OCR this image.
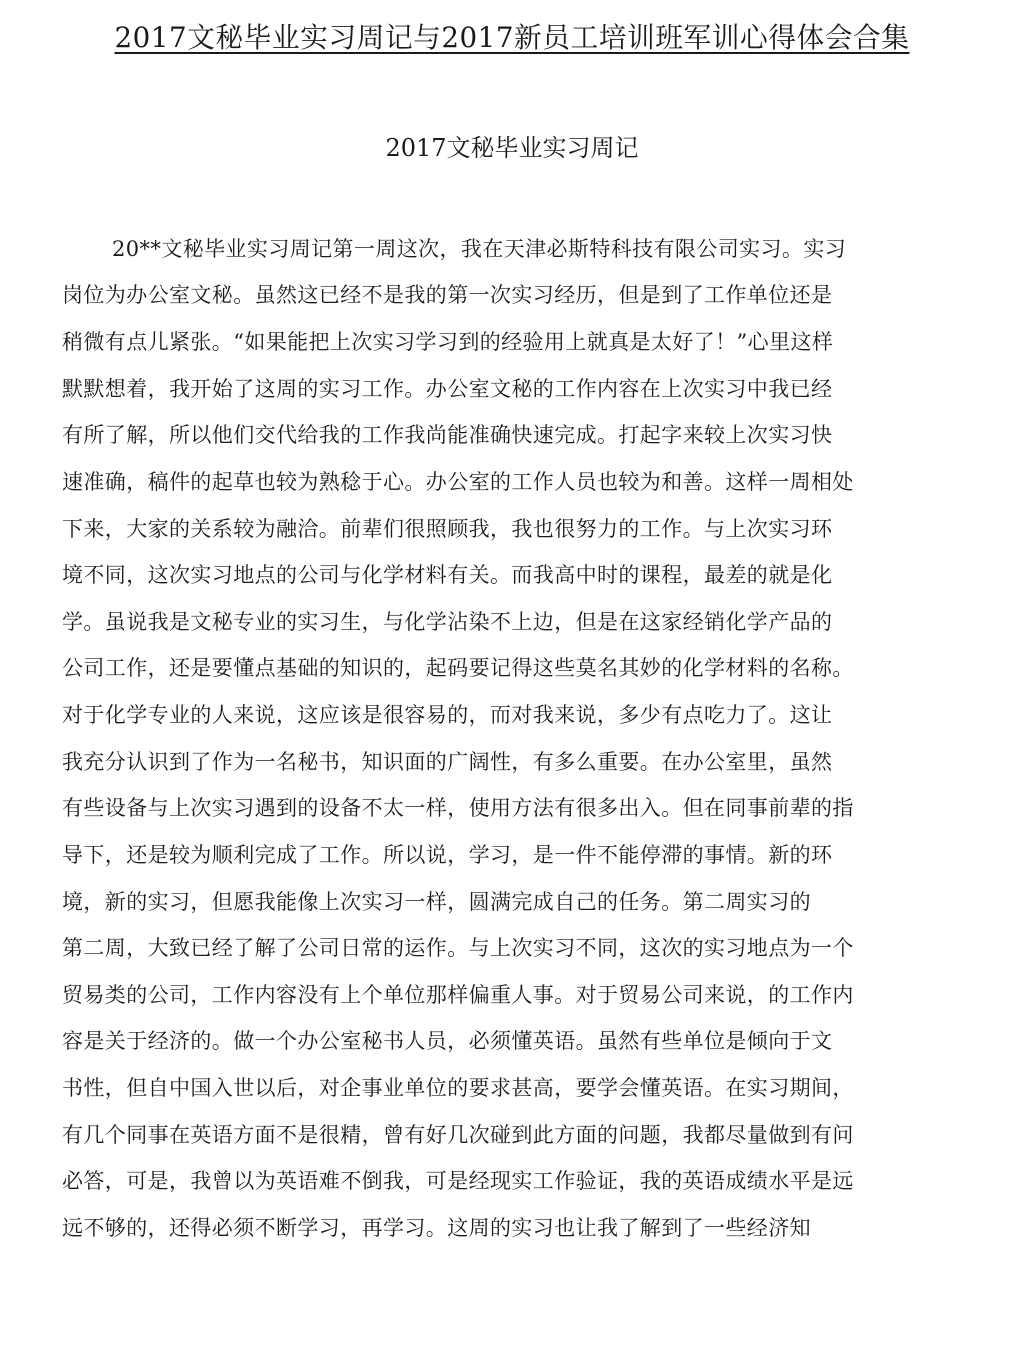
2017文秘毕业实习周记与2017新员工培训班军训心得体会合集
2017文秘毕业实习周记
20**文秘毕业实习周记第一周这次，我在天津必斯特科技有限公司实习。实习
岗位为办公室文秘。虽然这已经不是我的第一次实习经历，但是到了工作单位还是
稍微有点儿紧张。“如果能把上次实习学习到的经验用上就真是太好了！”心里这样
默默想着，我开始了这周的实习工作。办公室文秘的工作内容在上次实习中我已经
有所了解，所以他们交代给我的工作我尚能准确快速完成。打起字来较上次实习快
速准确，稿件的起草也较为熟稔于心。办公室的工作人员也较为和善。这样一周相处
下来，大家的关系较为融洽。前辈们很照顾我，我也很努力的工作。与上次实习环
境不同，这次实习地点的公司与化学材料有关。而我高中时的课程，最差的就是化
学。虽说我是文秘专业的实习生，与化学沾染不上边，但是在这家经销化学产品的
公司工作，还是要懂点基础的知识的，起码要记得这些莫名其妙的化学材料的名称。
对于化学专业的人来说，这应该是很容易的，而对我来说，多少有点吃力了。这让
我充分认识到了作为一名秘书，知识面的广阔性，有多么重要。在办公室里，虽然
有些设备与上次实习遇到的设备不太一样，使用方法有很多出入。但在同事前辈的指
导下，还是较为顺利完成了工作。所以说，学习，是一件不能停滞的事情。新的环
境，新的实习，但愿我能像上次实习一样，圆满完成自己的任务。第二周实习的
第二周，大致已经了解了公司日常的运作。与上次实习不同，这次的实习地点为一个
贸易类的公司，工作内容没有上个单位那样偏重人事。对于贸易公司来说，的工作内
容是关于经济的。做一个办公室秘书人员，必须懂英语。虽然有些单位是倾向于文
书性，但自中国入世以后，对企事业单位的要求甚高，要学会懂英语。在实习期间，
有几个同事在英语方面不是很精，曾有好几次碰到此方面的问题，我都尽量做到有问
必答，可是，我曾以为英语难不倒我，可是经现实工作验证，我的英语成绩水平是远
远不够的，还得必须不断学习，再学习。这周的实习也让我了解到了一些经济知
